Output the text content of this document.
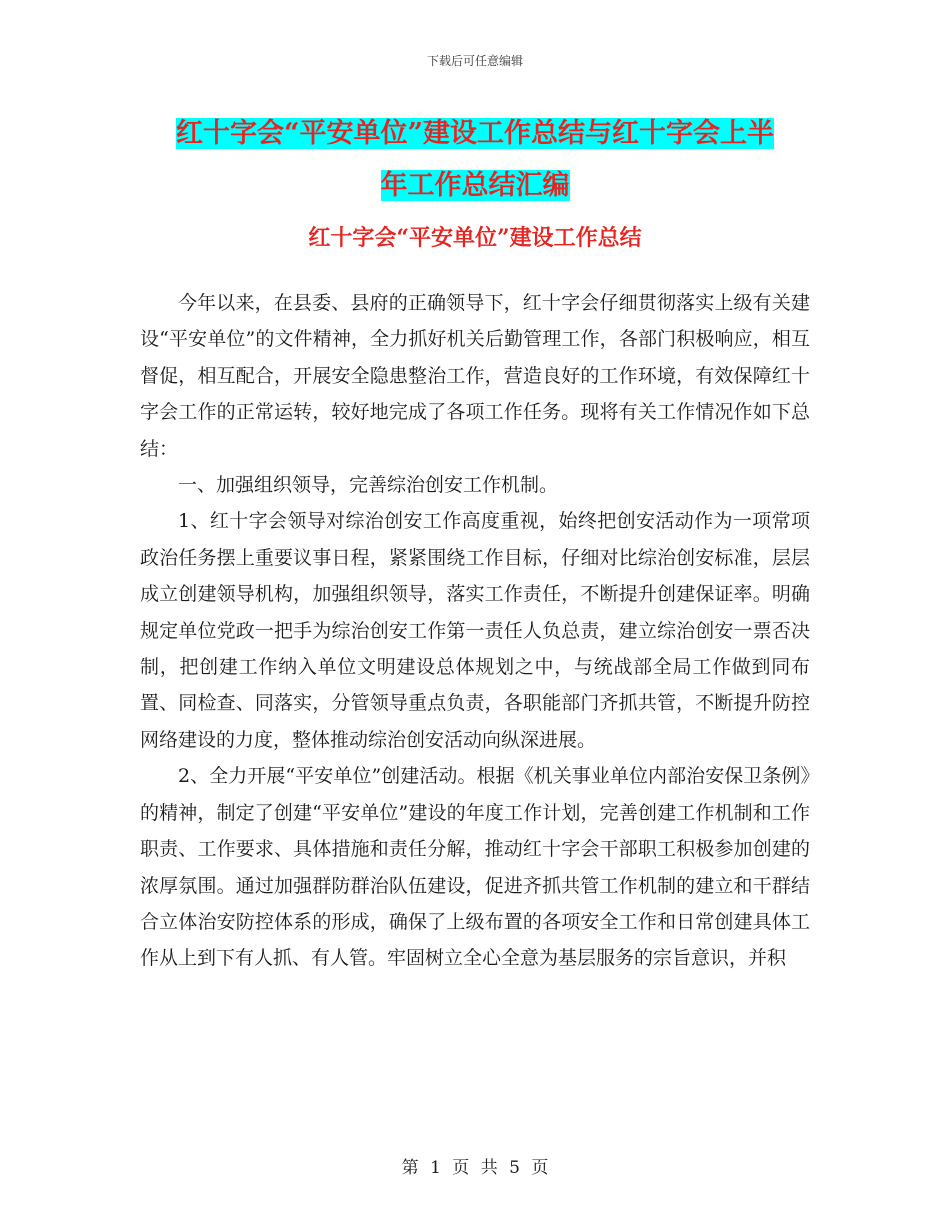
下载后可任意编辑
红十字会“平安单位”建设工作总结与红十字会上半
年工作总结汇编
红十字会“平安单位”建设工作总结

今年以来，在县委、县府的正确领导下，红十字会仔细贯彻落实上级有关建设“平安单位”的文件精神，全力抓好机关后勤管理工作，各部门积极响应，相互督促，相互配合，开展安全隐患整治工作，营造良好的工作环境，有效保障红十字会工作的正常运转，较好地完成了各项工作任务。现将有关工作情况作如下总结：

一、加强组织领导，完善综治创安工作机制。

1、红十字会领导对综治创安工作高度重视，始终把创安活动作为一项常项政治任务摆上重要议事日程，紧紧围绕工作目标，仔细对比综治创安标准，层层成立创建领导机构，加强组织领导，落实工作责任，不断提升创建保证率。明确规定单位党政一把手为综治创安工作第一责任人负总责，建立综治创安一票否决制，把创建工作纳入单位文明建设总体规划之中，与统战部全局工作做到同布置、同检查、同落实，分管领导重点负责，各职能部门齐抓共管，不断提升防控网络建设的力度，整体推动综治创安活动向纵深进展。

2、全力开展“平安单位”创建活动。根据《机关事业单位内部治安保卫条例》的精神，制定了创建“平安单位”建设的年度工作计划，完善创建工作机制和工作职责、工作要求、具体措施和责任分解，推动红十字会干部职工积极参加创建的浓厚氛围。通过加强群防群治队伍建设，促进齐抓共管工作机制的建立和干群结合立体治安防控体系的形成，确保了上级布置的各项安全工作和日常创建具体工作从上到下有人抓、有人管。牢固树立全心全意为基层服务的宗旨意识，并积

第 1 页 共 5 页
